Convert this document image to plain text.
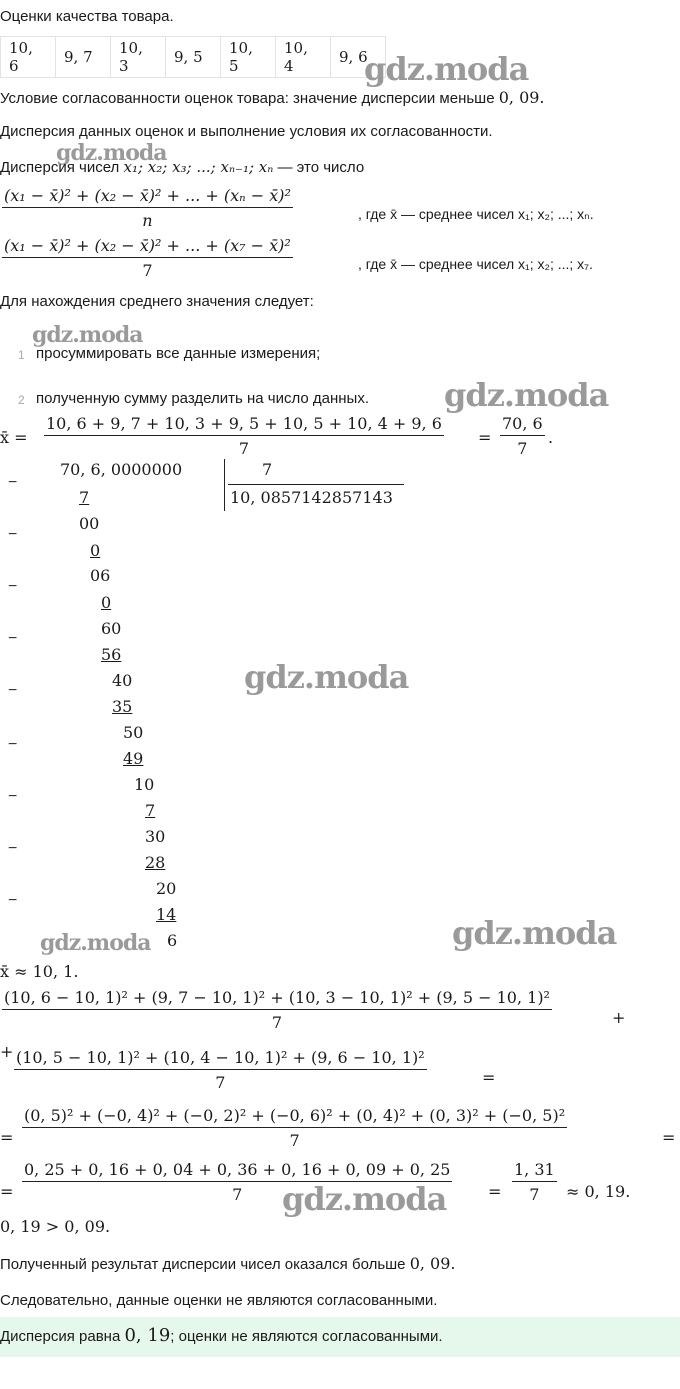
Оценки качества товара.
10, 6	9, 7	10, 3	9, 5	10, 5	10, 4	9, 6
gdz.moda
Условие согласованности оценок товара: значение дисперсии меньше 0, 09.
Дисперсия данных оценок и выполнение условия их согласованности.
gdz.moda
Дисперсия чисел x₁; x₂; x₃; ...; xₙ₋₁; xₙ — это число
(x₁ − x̄)² + (x₂ − x̄)² + ... + (xₙ − x̄)²
n	, где x̄ — среднее чисел x₁; x₂; ...; xₙ.
(x₁ − x̄)² + (x₂ − x̄)² + ... + (x₇ − x̄)²
7	, где x̄ — среднее чисел x₁; x₂; ...; x₇.
Для нахождения среднего значения следует:
gdz.moda
1 просуммировать все данные измерения;
2 полученную сумму разделить на число данных. gdz.moda
x̄ =
10, 6 + 9, 7 + 10, 3 + 9, 5 + 10, 5 + 10, 4 + 9, 6
7
=
70, 6
7
.
70, 6, 0000000	7
10, 0857142857143
−
−
−
−
−
−
−
−
−
7
00
0
06
0
60
56
40
35
50
49
10
7
30
28
20
14
6
gdz.moda
gdz.moda	gdz.moda
x̄ ≈ 10, 1.
(10, 6 − 10, 1)² + (9, 7 − 10, 1)² + (10, 3 − 10, 1)² + (9, 5 − 10, 1)²
7	+
+ (10, 5 − 10, 1)² + (10, 4 − 10, 1)² + (9, 6 − 10, 1)²
7	=
=
(0, 5)² + (−0, 4)² + (−0, 2)² + (−0, 6)² + (0, 4)² + (0, 3)² + (−0, 5)²
7	=
=
0, 25 + 0, 16 + 0, 04 + 0, 36 + 0, 16 + 0, 09 + 0, 25
7	=
1, 31
7 ≈ 0, 19.
gdz.moda
0, 19 > 0, 09.
Полученный результат дисперсии чисел оказался больше 0, 09.
Следовательно, данные оценки не являются согласованными.
Дисперсия равна 0, 19; оценки не являются согласованными.
